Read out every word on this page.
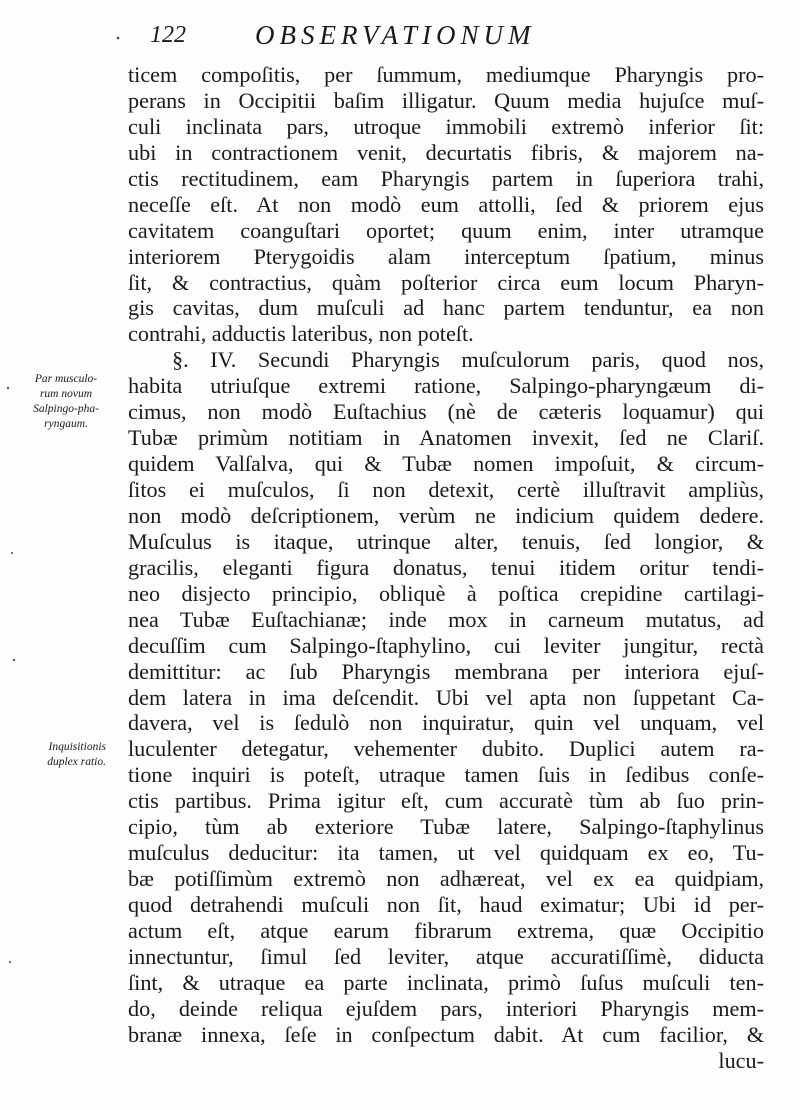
122	OBSERVATIONUM
Par musculo-
rum novum
Salpingo-pha-
ryngaum.
Inquisitionis
duplex ratio.
ticem compoſitis, per ſummum, mediumque Pharyngis pro-
perans in Occipitii baſim illigatur. Quum media hujuſce muſ-
culi inclinata pars, utroque immobili extremò inferior ſit:
ubi in contractionem venit, decurtatis fibris, & majorem na-
ctis rectitudinem, eam Pharyngis partem in ſuperiora trahi,
neceſſe eſt. At non modò eum attolli, ſed & priorem ejus
cavitatem coanguſtari oportet; quum enim, inter utramque
interiorem Pterygoidis alam interceptum ſpatium, minus
ſit, & contractius, quàm poſterior circa eum locum Pharyn-
gis cavitas, dum muſculi ad hanc partem tenduntur, ea non
contrahi, adductis lateribus, non poteſt.
§. IV. Secundi Pharyngis muſculorum paris, quod nos,
habita utriuſque extremi ratione, Salpingo-pharyngæum di-
cimus, non modò Euſtachius (nè de cæteris loquamur) qui
Tubæ primùm notitiam in Anatomen invexit, ſed ne Clariſ.
quidem Valſalva, qui & Tubæ nomen impoſuit, & circum-
ſitos ei muſculos, ſi non detexit, certè illuſtravit ampliùs,
non modò deſcriptionem, verùm ne indicium quidem dedere.
Muſculus is itaque, utrinque alter, tenuis, ſed longior, &
gracilis, eleganti figura donatus, tenui itidem oritur tendi-
neo disjecto principio, obliquè à poſtica crepidine cartilagi-
nea Tubæ Euſtachianæ; inde mox in carneum mutatus, ad
decuſſim cum Salpingo-ſtaphylino, cui leviter jungitur, rectà
demittitur: ac ſub Pharyngis membrana per interiora ejuſ-
dem latera in ima deſcendit. Ubi vel apta non ſuppetant Ca-
davera, vel is ſedulò non inquiratur, quin vel unquam, vel
luculenter detegatur, vehementer dubito. Duplici autem ra-
tione inquiri is poteſt, utraque tamen ſuis in ſedibus conſe-
ctis partibus. Prima igitur eſt, cum accuratè tùm ab ſuo prin-
cipio, tùm ab exteriore Tubæ latere, Salpingo-ſtaphylinus
muſculus deducitur: ita tamen, ut vel quidquam ex eo, Tu-
bæ potiſſimùm extremò non adhæreat, vel ex ea quidpiam,
quod detrahendi muſculi non ſit, haud eximatur; Ubi id per-
actum eſt, atque earum fibrarum extrema, quæ Occipitio
innectuntur, ſimul ſed leviter, atque accuratiſſimè, diducta
ſint, & utraque ea parte inclinata, primò ſuſus muſculi ten-
do, deinde reliqua ejuſdem pars, interiori Pharyngis mem-
branæ innexa, ſeſe in conſpectum dabit. At cum facilior, &
lucu-
